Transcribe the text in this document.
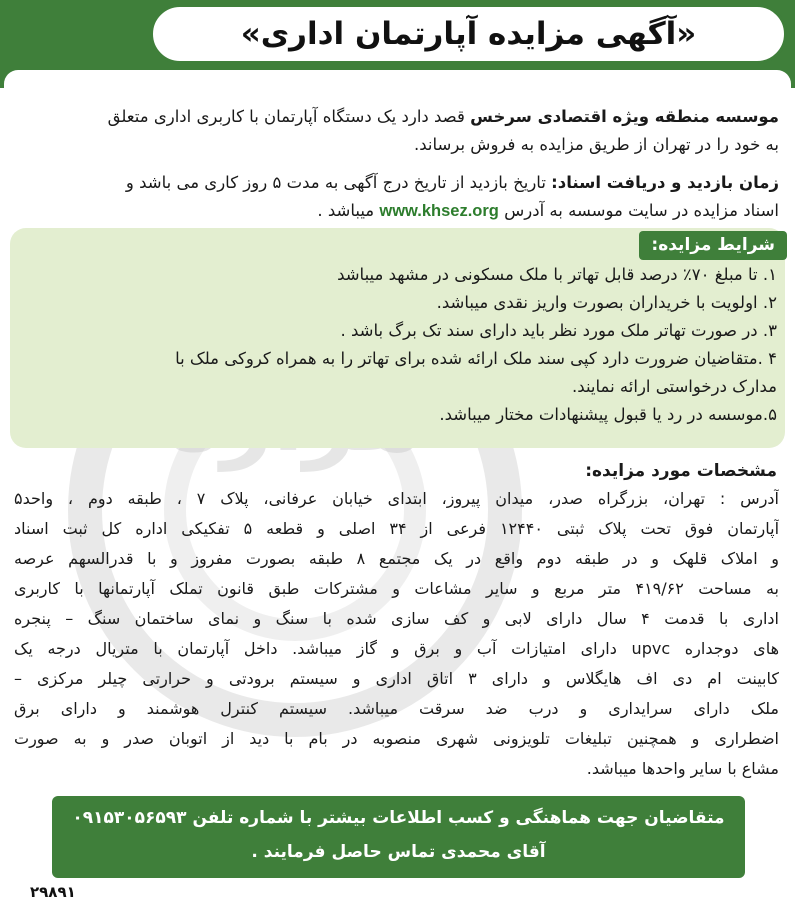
«آگهی مزایده آپارتمان اداری»
موسسه منطقه ویژه اقتصادی سرخس قصد دارد یک دستگاه آپارتمان با کاربری اداری متعلق
به خود را در تهران از طریق مزایده به فروش برساند.
زمان بازدید و دریافت اسناد: تاریخ بازدید از تاریخ درج آگهی به مدت ۵ روز کاری می باشد و
اسناد مزایده در سایت موسسه به آدرس www.khsez.org میباشد .
شرایط مزایده:
۱. تا مبلغ ۷۰٪ درصد قابل تهاتر با ملک مسکونی در مشهد میباشد
۲. اولویت با خریداران بصورت واریز نقدی میباشد.
۳. در صورت تهاتر ملک مورد نظر باید دارای سند تک برگ باشد .
۴ .متقاضیان ضرورت دارد کپی سند ملک ارائه شده برای تهاتر را به همراه کروکی ملک با
مدارک درخواستی ارائه نمایند.
۵.موسسه در رد یا قبول پیشنهادات مختار میباشد.
مشخصات مورد مزایده:
آدرس : تهران، بزرگراه صدر، میدان پیروز، ابتدای خیابان عرفانی، پلاک ۷ ، طبقه دوم ، واحد۵
آپارتمان فوق تحت پلاک ثبتی ۱۲۴۴۰ فرعی از ۳۴ اصلی و قطعه ۵ تفکیکی اداره کل ثبت اسناد
و املاک قلهک و در طبقه دوم واقع در یک مجتمع ۸ طبقه بصورت مفروز و با قدرالسهم عرصه
به مساحت ۴۱۹/۶۲ متر مربع و سایر مشاعات و مشترکات طبق قانون تملک آپارتمانها با کاربری
اداری با قدمت ۴ سال دارای لابی و کف سازی شده با سنگ و نمای ساختمان سنگ – پنجره
های دوجداره upvc دارای امتیازات آب و برق و گاز میباشد. داخل آپارتمان با متریال درجه یک
کابینت ام دی اف هایگلاس و دارای ۳ اتاق اداری و سیستم برودتی و حرارتی چیلر مرکزی –
ملک دارای سرایداری و درب ضد سرقت میباشد. سیستم کنترل هوشمند و دارای برق
اضطراری و همچنین تبلیغات تلویزونی شهری منصوبه در بام با دید از اتوبان صدر و به صورت
مشاع با سایر واحدها میباشد.
متقاضیان جهت هماهنگی و کسب اطلاعات بیشتر با شماره تلفن ۰۹۱۵۳۰۵۶۵۹۳
آقای محمدی تماس حاصل فرمایند .
۲۹۸۹۱
